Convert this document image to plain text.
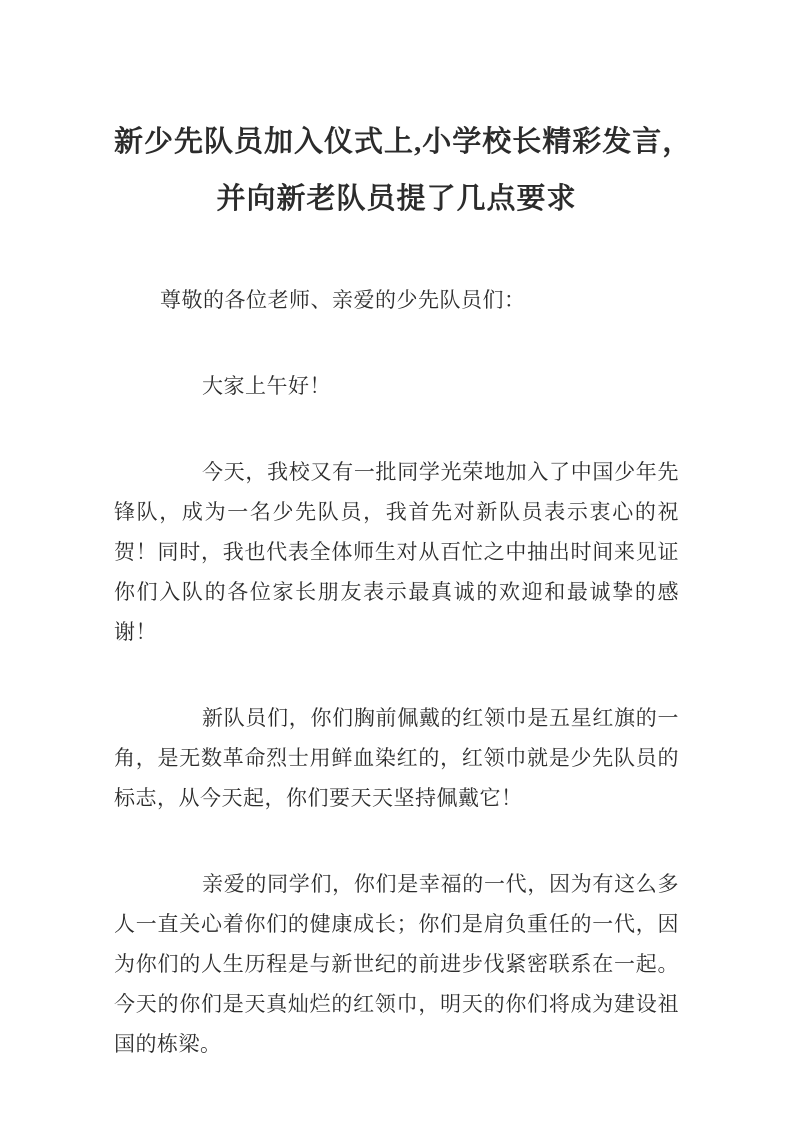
新少先队员加入仪式上,小学校长精彩发言，
并向新老队员提了几点要求

尊敬的各位老师、亲爱的少先队员们：

大家上午好！

今天，我校又有一批同学光荣地加入了中国少年先锋队，成为一名少先队员，我首先对新队员表示衷心的祝贺！同时，我也代表全体师生对从百忙之中抽出时间来见证你们入队的各位家长朋友表示最真诚的欢迎和最诚挚的感谢！

新队员们，你们胸前佩戴的红领巾是五星红旗的一角，是无数革命烈士用鲜血染红的，红领巾就是少先队员的标志，从今天起，你们要天天坚持佩戴它！

亲爱的同学们，你们是幸福的一代，因为有这么多人一直关心着你们的健康成长；你们是肩负重任的一代，因为你们的人生历程是与新世纪的前进步伐紧密联系在一起。今天的你们是天真灿烂的红领巾，明天的你们将成为建设祖国的栋梁。
